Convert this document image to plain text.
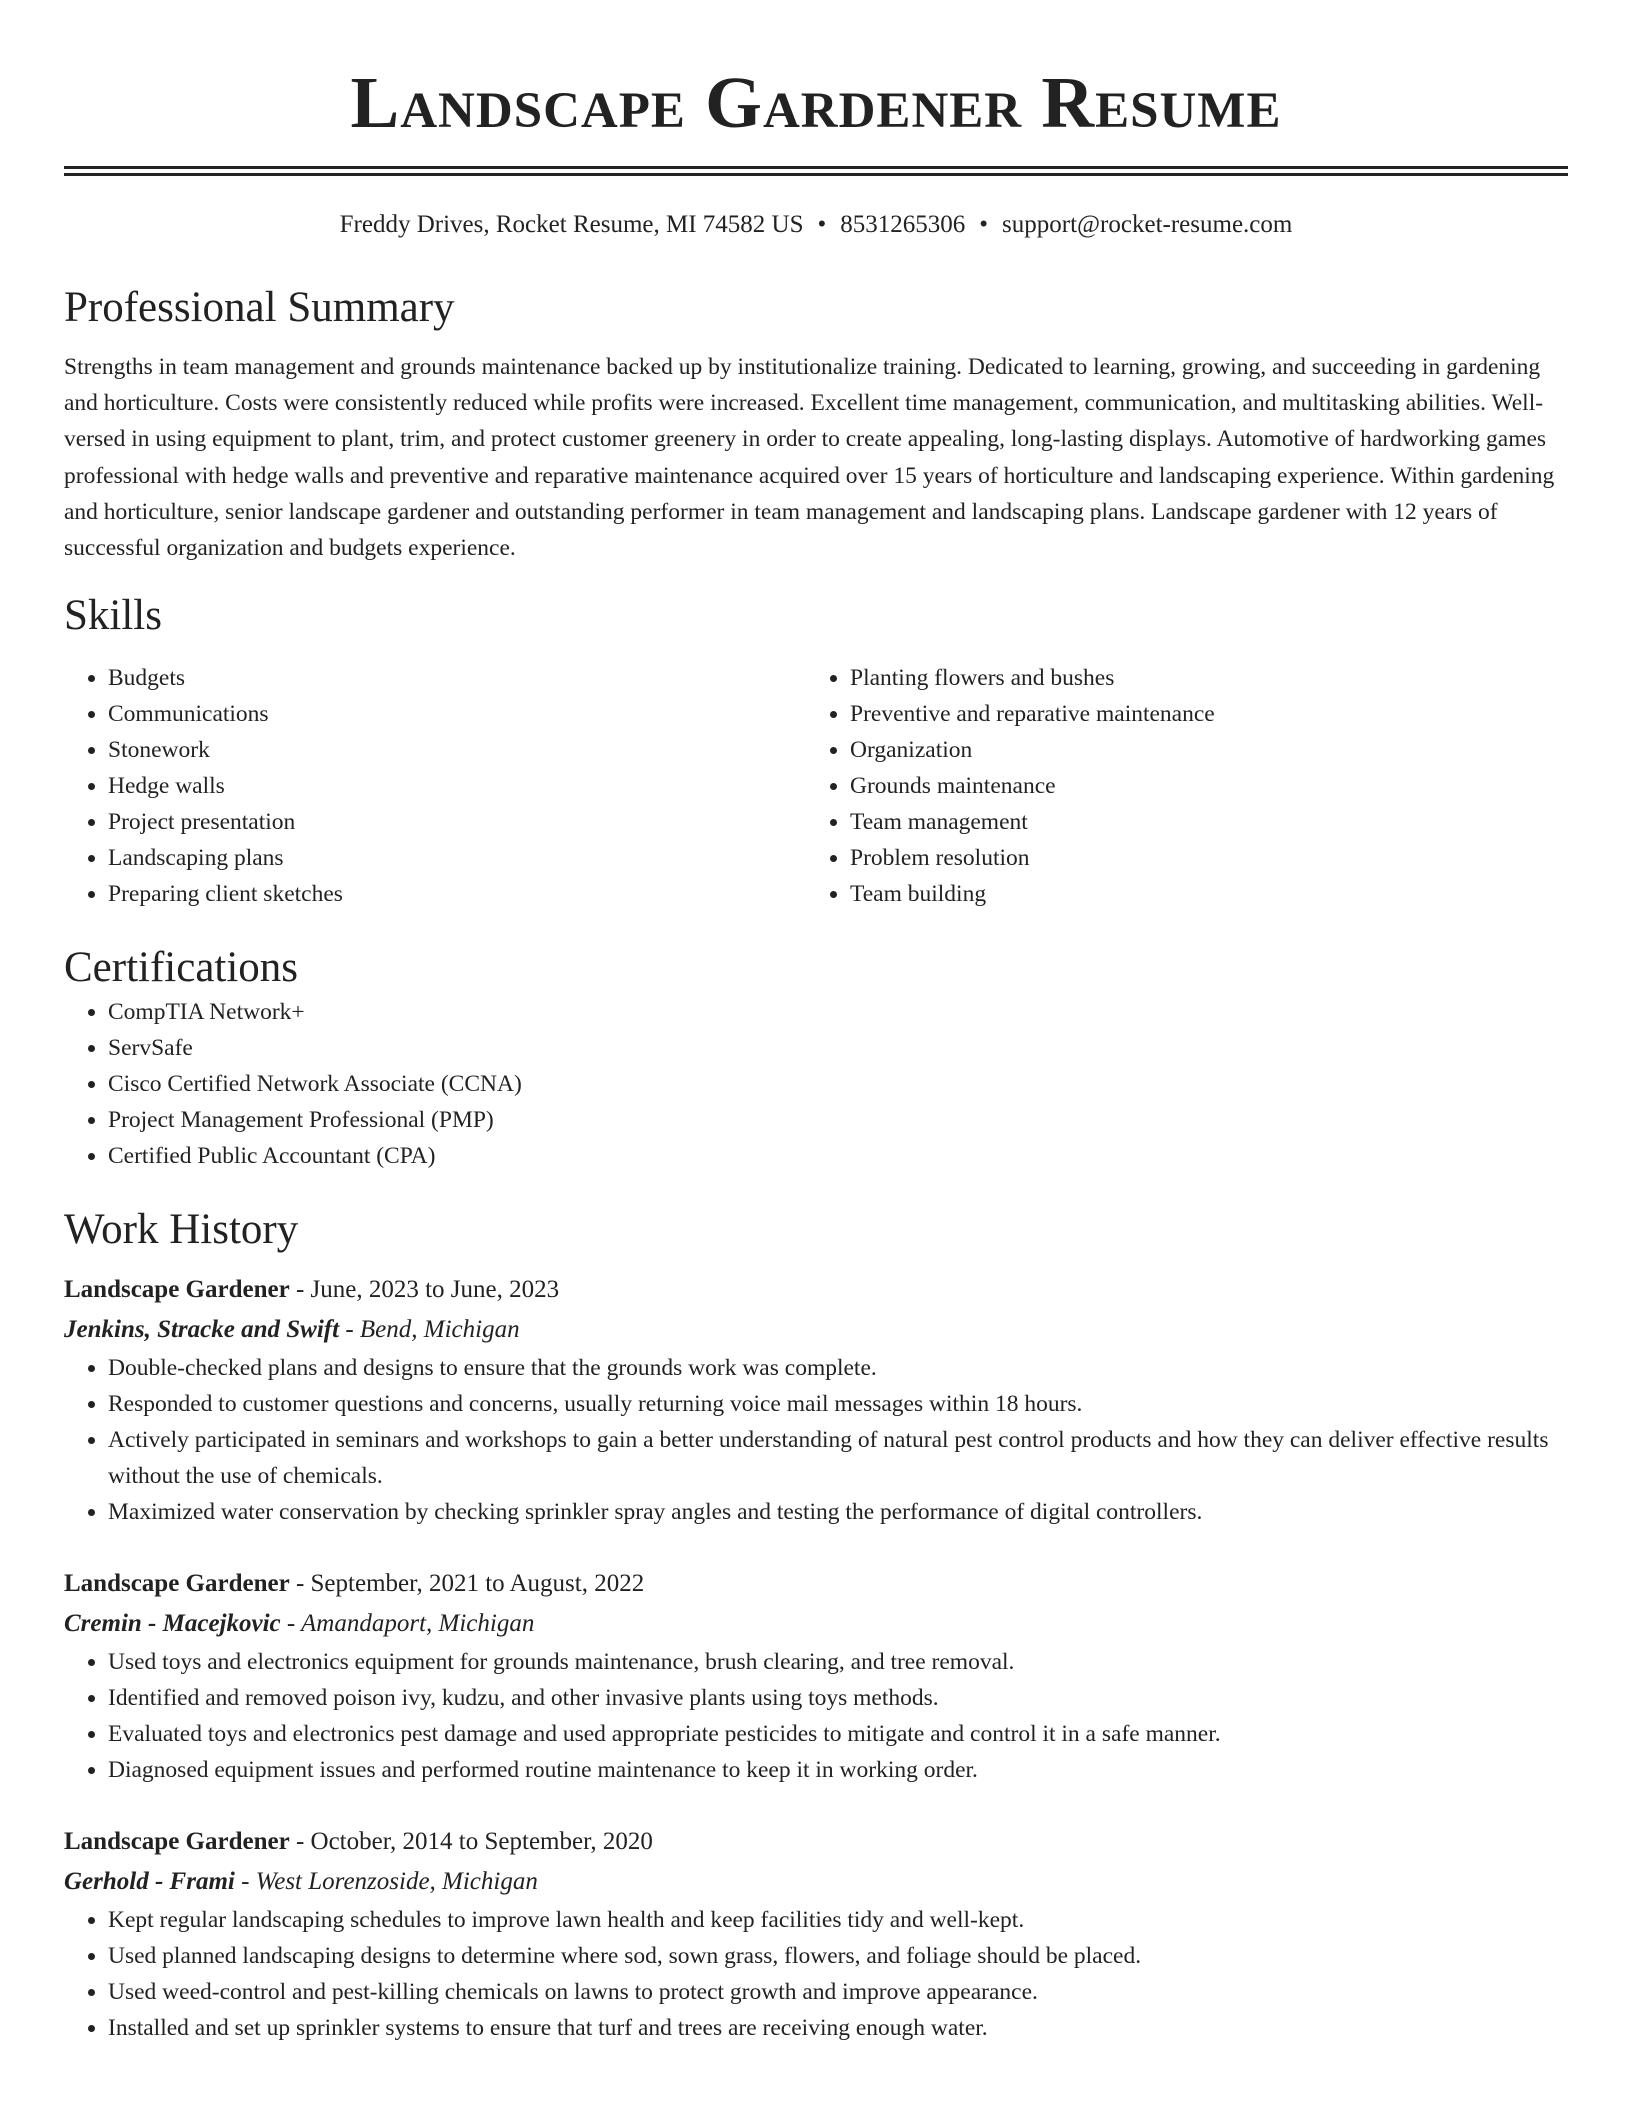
Landscape Gardener Resume
Freddy Drives, Rocket Resume, MI 74582 US • 8531265306 • support@rocket-resume.com
Professional Summary

Strengths in team management and grounds maintenance backed up by institutionalize training. Dedicated to learning, growing, and succeeding in gardening and horticulture. Costs were consistently reduced while profits were increased. Excellent time management, communication, and multitasking abilities. Well-versed in using equipment to plant, trim, and protect customer greenery in order to create appealing, long-lasting displays. Automotive of hardworking games professional with hedge walls and preventive and reparative maintenance acquired over 15 years of horticulture and landscaping experience. Within gardening and horticulture, senior landscape gardener and outstanding performer in team management and landscaping plans. Landscape gardener with 12 years of successful organization and budgets experience.

Skills
• Budgets
• Communications
• Stonework
• Hedge walls
• Project presentation
• Landscaping plans
• Preparing client sketches
• Planting flowers and bushes
• Preventive and reparative maintenance
• Organization
• Grounds maintenance
• Team management
• Problem resolution
• Team building
Certifications
• CompTIA Network+
• ServSafe
• Cisco Certified Network Associate (CCNA)
• Project Management Professional (PMP)
• Certified Public Accountant (CPA)
Work History
Landscape Gardener - June, 2023 to June, 2023
Jenkins, Stracke and Swift - Bend, Michigan
• Double-checked plans and designs to ensure that the grounds work was complete.
• Responded to customer questions and concerns, usually returning voice mail messages within 18 hours.
• Actively participated in seminars and workshops to gain a better understanding of natural pest control products and how they can deliver effective results without the use of chemicals.
• Maximized water conservation by checking sprinkler spray angles and testing the performance of digital controllers.
Landscape Gardener - September, 2021 to August, 2022
Cremin - Macejkovic - Amandaport, Michigan
• Used toys and electronics equipment for grounds maintenance, brush clearing, and tree removal.
• Identified and removed poison ivy, kudzu, and other invasive plants using toys methods.
• Evaluated toys and electronics pest damage and used appropriate pesticides to mitigate and control it in a safe manner.
• Diagnosed equipment issues and performed routine maintenance to keep it in working order.
Landscape Gardener - October, 2014 to September, 2020
Gerhold - Frami - West Lorenzoside, Michigan
• Kept regular landscaping schedules to improve lawn health and keep facilities tidy and well-kept.
• Used planned landscaping designs to determine where sod, sown grass, flowers, and foliage should be placed.
• Used weed-control and pest-killing chemicals on lawns to protect growth and improve appearance.
• Installed and set up sprinkler systems to ensure that turf and trees are receiving enough water.
